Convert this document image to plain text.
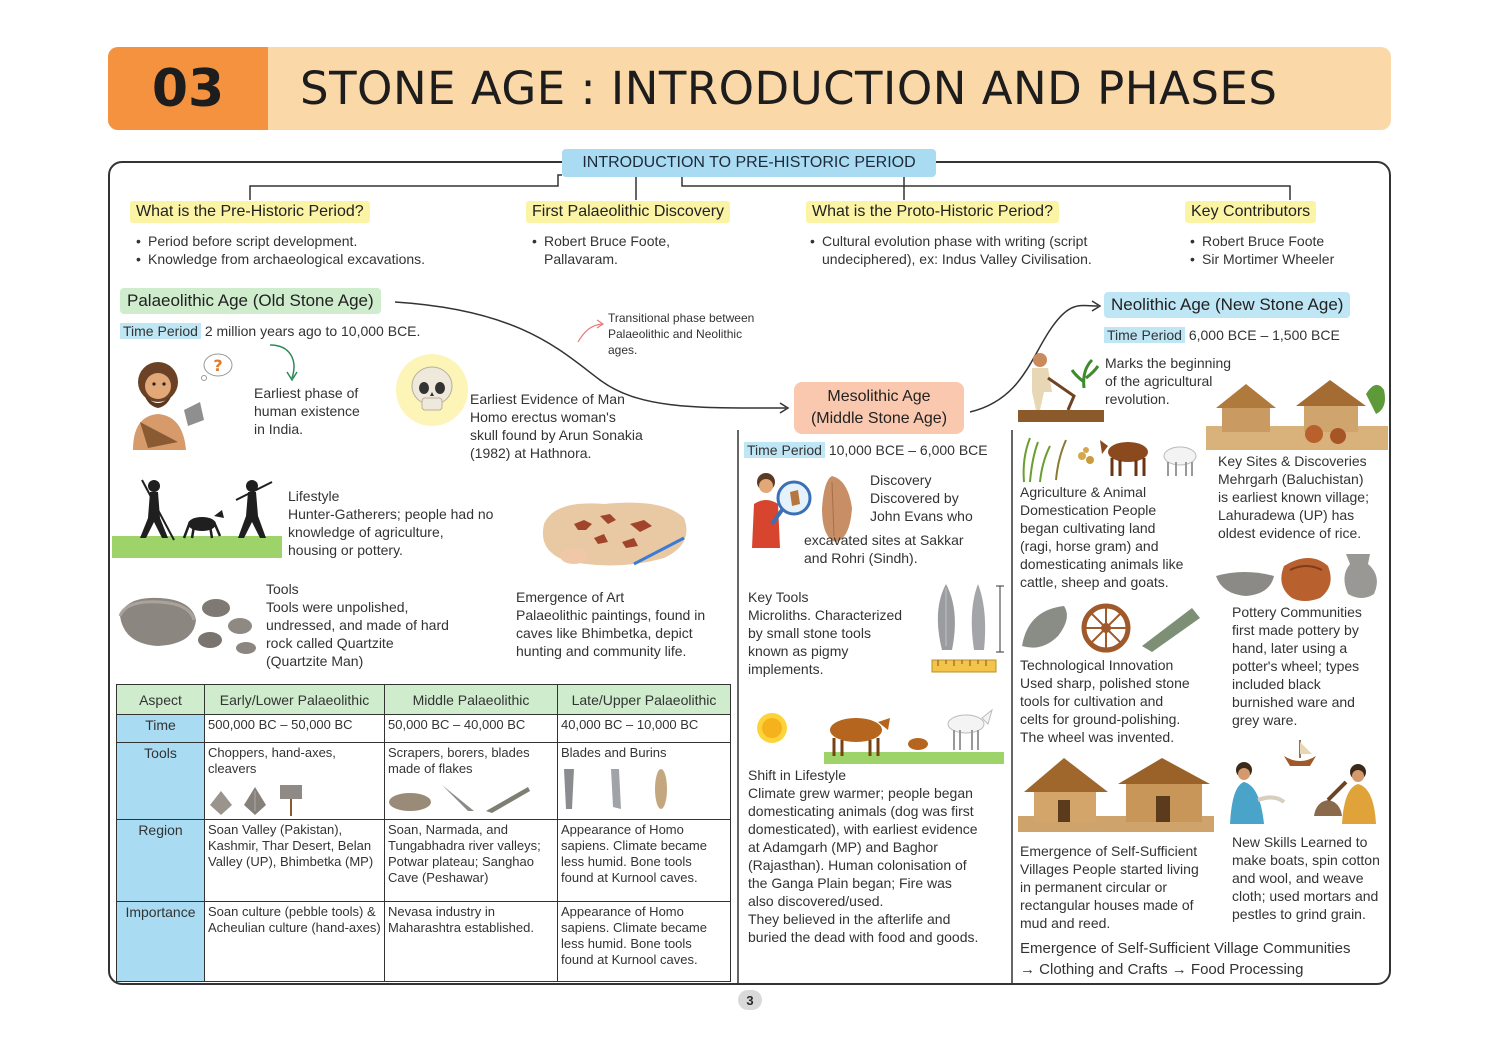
03	STONE AGE : INTRODUCTION AND PHASES
INTRODUCTION TO PRE-HISTORIC PERIOD
What is the Pre-Historic Period?
• Period before script development.
• Knowledge from archaeological excavations.
First Palaeolithic Discovery
• Robert Bruce Foote,
Pallavaram.
What is the Proto-Historic Period?
• Cultural evolution phase with writing (script
undeciphered), ex: Indus Valley Civilisation.
Key Contributors
• Robert Bruce Foote
• Sir Mortimer Wheeler
Palaeolithic Age (Old Stone Age)
Time Period 2 million years ago to 10,000 BCE.
?
Earliest phase of
human existence
in India.
Earliest Evidence of Man
Homo erectus woman's
skull found by Arun Sonakia
(1982) at Hathnora.
Transitional phase between
Palaeolithic and Neolithic
ages.
Lifestyle
Hunter-Gatherers; people had no
knowledge of agriculture,
housing or pottery.
Emergence of Art
Palaeolithic paintings, found in
caves like Bhimbetka, depict
hunting and community life.
Tools
Tools were unpolished,
undressed, and made of hard
rock called Quartzite
(Quartzite Man)
Aspect	Early/Lower Palaeolithic	Middle Palaeolithic	Late/Upper Palaeolithic
Time	500,000 BC – 50,000 BC	50,000 BC – 40,000 BC	40,000 BC – 10,000 BC
Tools	Choppers, hand-axes, cleavers	Scrapers, borers, blades made of flakes	Blades and Burins

Region	Soan Valley (Pakistan), Kashmir, Thar Desert, Belan Valley (UP), Bhimbetka (MP)	Soan, Narmada, and Tungabhadra river valleys; Potwar plateau; Sanghao Cave (Peshawar)	Appearance of Homo sapiens. Climate became less humid. Bone tools found at Kurnool caves.
Importance	Soan culture (pebble tools) & Acheulian culture (hand-axes)	Nevasa industry in Maharashtra established.	Appearance of Homo sapiens. Climate became less humid. Bone tools found at Kurnool caves.
Mesolithic Age
(Middle Stone Age)
Time Period 10,000 BCE – 6,000 BCE
Discovery
Discovered by
John Evans who
excavated sites at Sakkar
and Rohri (Sindh).
Key Tools
Microliths. Characterized
by small stone tools
known as pigmy
implements.
Shift in Lifestyle
Climate grew warmer; people began
domesticating animals (dog was first
domesticated), with earliest evidence
at Adamgarh (MP) and Baghor
(Rajasthan). Human colonisation of
the Ganga Plain began; Fire was
also discovered/used.
They believed in the afterlife and
buried the dead with food and goods.
Neolithic Age (New Stone Age)
Time Period 6,000 BCE – 1,500 BCE
Marks the beginning
of the agricultural
revolution.
Key Sites & Discoveries
Mehrgarh (Baluchistan)
is earliest known village;
Lahuradewa (UP) has
oldest evidence of rice.
Agriculture & Animal
Domestication People
began cultivating land
(ragi, horse gram) and
domesticating animals like
cattle, sheep and goats.
Pottery Communities
first made pottery by
hand, later using a
potter's wheel; types
included black
burnished ware and
grey ware.
Technological Innovation
Used sharp, polished stone
tools for cultivation and
celts for ground-polishing.
The wheel was invented.
Emergence of Self-Sufficient
Villages People started living
in permanent circular or
rectangular houses made of
mud and reed.
New Skills Learned to
make boats, spin cotton
and wool, and weave
cloth; used mortars and
pestles to grind grain.
Emergence of Self-Sufficient Village Communities
→ Clothing and Crafts → Food Processing
3
